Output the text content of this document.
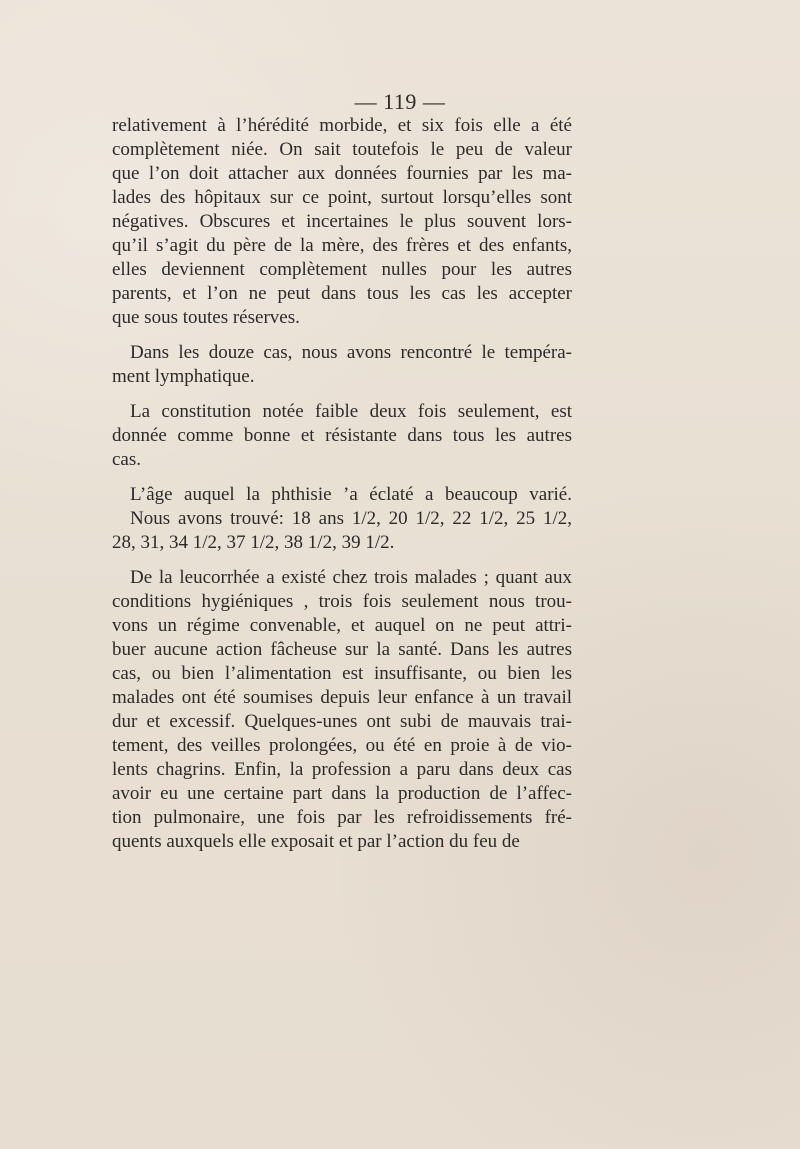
— 119 —
relativement à l’hérédité morbide, et six fois elle a été
complètement niée. On sait toutefois le peu de valeur
que l’on doit attacher aux données fournies par les ma-
lades des hôpitaux sur ce point, surtout lorsqu’elles sont
négatives. Obscures et incertaines le plus souvent lors-
qu’il s’agit du père de la mère, des frères et des enfants,
elles deviennent complètement nulles pour les autres
parents, et l’on ne peut dans tous les cas les accepter
que sous toutes réserves.
Dans les douze cas, nous avons rencontré le tempéra-
ment lymphatique.
La constitution notée faible deux fois seulement, est
donnée comme bonne et résistante dans tous les autres
cas.
L’âge auquel la phthisie ’a éclaté a beaucoup varié.
Nous avons trouvé: 18 ans 1/2, 20 1/2, 22 1/2, 25 1/2,
28, 31, 34 1/2, 37 1/2, 38 1/2, 39 1/2.
De la leucorrhée a existé chez trois malades ; quant aux
conditions hygiéniques , trois fois seulement nous trou-
vons un régime convenable, et auquel on ne peut attri-
buer aucune action fâcheuse sur la santé. Dans les autres
cas, ou bien l’alimentation est insuffisante, ou bien les
malades ont été soumises depuis leur enfance à un travail
dur et excessif. Quelques-unes ont subi de mauvais trai-
tement, des veilles prolongées, ou été en proie à de vio-
lents chagrins. Enfin, la profession a paru dans deux cas
avoir eu une certaine part dans la production de l’affec-
tion pulmonaire, une fois par les refroidissements fré-
quents auxquels elle exposait et par l’action du feu de
